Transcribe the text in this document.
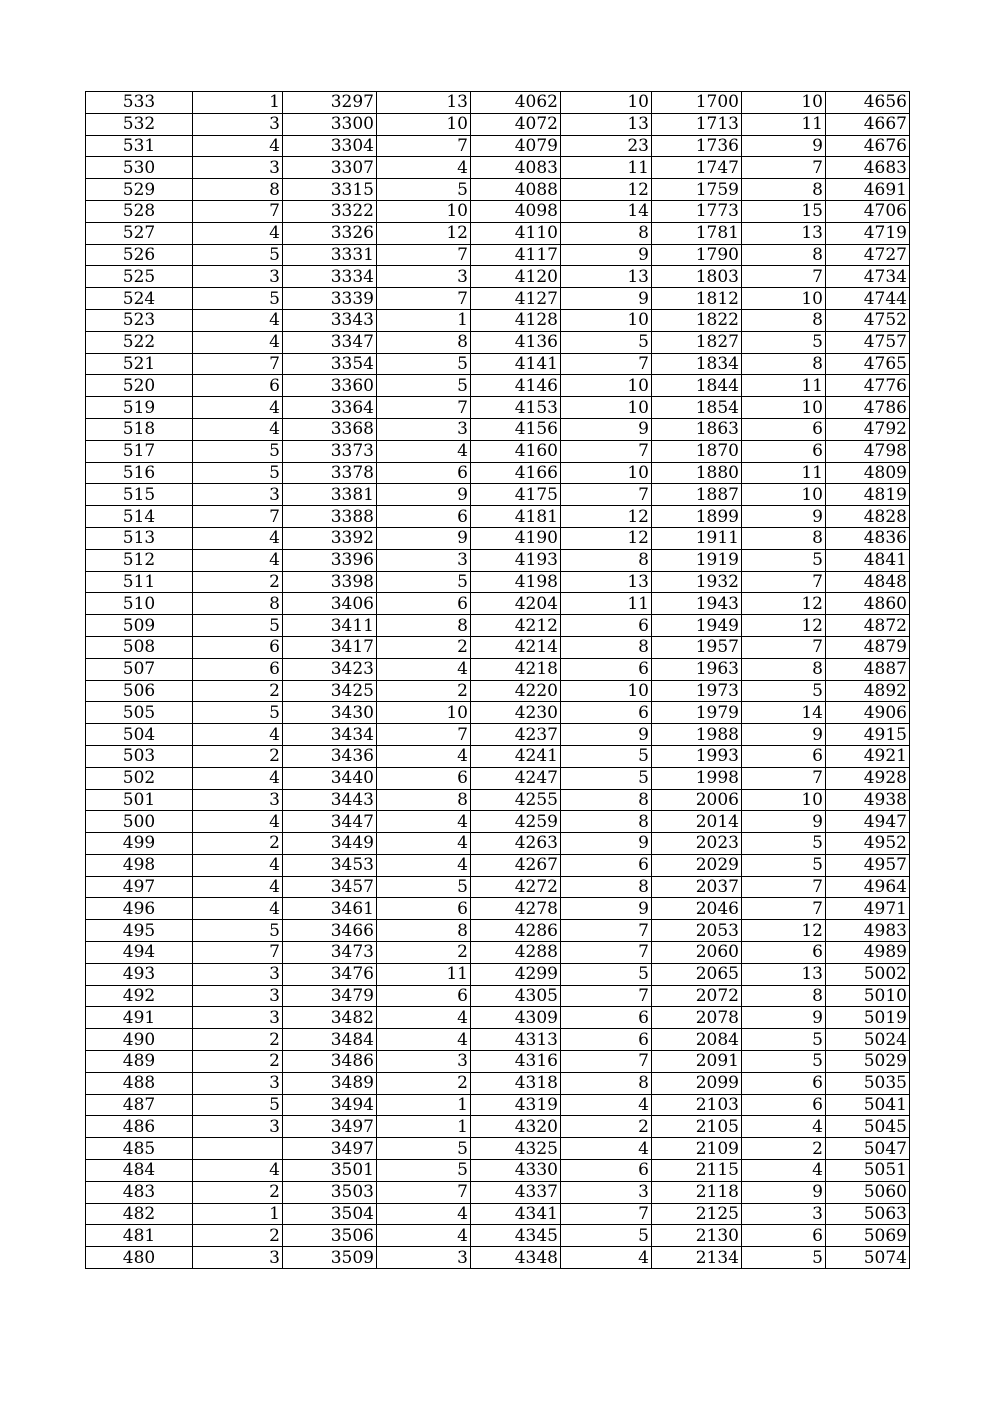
533	1	3297	13	4062	10	1700	10	4656
532	3	3300	10	4072	13	1713	11	4667
531	4	3304	7	4079	23	1736	9	4676
530	3	3307	4	4083	11	1747	7	4683
529	8	3315	5	4088	12	1759	8	4691
528	7	3322	10	4098	14	1773	15	4706
527	4	3326	12	4110	8	1781	13	4719
526	5	3331	7	4117	9	1790	8	4727
525	3	3334	3	4120	13	1803	7	4734
524	5	3339	7	4127	9	1812	10	4744
523	4	3343	1	4128	10	1822	8	4752
522	4	3347	8	4136	5	1827	5	4757
521	7	3354	5	4141	7	1834	8	4765
520	6	3360	5	4146	10	1844	11	4776
519	4	3364	7	4153	10	1854	10	4786
518	4	3368	3	4156	9	1863	6	4792
517	5	3373	4	4160	7	1870	6	4798
516	5	3378	6	4166	10	1880	11	4809
515	3	3381	9	4175	7	1887	10	4819
514	7	3388	6	4181	12	1899	9	4828
513	4	3392	9	4190	12	1911	8	4836
512	4	3396	3	4193	8	1919	5	4841
511	2	3398	5	4198	13	1932	7	4848
510	8	3406	6	4204	11	1943	12	4860
509	5	3411	8	4212	6	1949	12	4872
508	6	3417	2	4214	8	1957	7	4879
507	6	3423	4	4218	6	1963	8	4887
506	2	3425	2	4220	10	1973	5	4892
505	5	3430	10	4230	6	1979	14	4906
504	4	3434	7	4237	9	1988	9	4915
503	2	3436	4	4241	5	1993	6	4921
502	4	3440	6	4247	5	1998	7	4928
501	3	3443	8	4255	8	2006	10	4938
500	4	3447	4	4259	8	2014	9	4947
499	2	3449	4	4263	9	2023	5	4952
498	4	3453	4	4267	6	2029	5	4957
497	4	3457	5	4272	8	2037	7	4964
496	4	3461	6	4278	9	2046	7	4971
495	5	3466	8	4286	7	2053	12	4983
494	7	3473	2	4288	7	2060	6	4989
493	3	3476	11	4299	5	2065	13	5002
492	3	3479	6	4305	7	2072	8	5010
491	3	3482	4	4309	6	2078	9	5019
490	2	3484	4	4313	6	2084	5	5024
489	2	3486	3	4316	7	2091	5	5029
488	3	3489	2	4318	8	2099	6	5035
487	5	3494	1	4319	4	2103	6	5041
486	3	3497	1	4320	2	2105	4	5045
485		3497	5	4325	4	2109	2	5047
484	4	3501	5	4330	6	2115	4	5051
483	2	3503	7	4337	3	2118	9	5060
482	1	3504	4	4341	7	2125	3	5063
481	2	3506	4	4345	5	2130	6	5069
480	3	3509	3	4348	4	2134	5	5074
